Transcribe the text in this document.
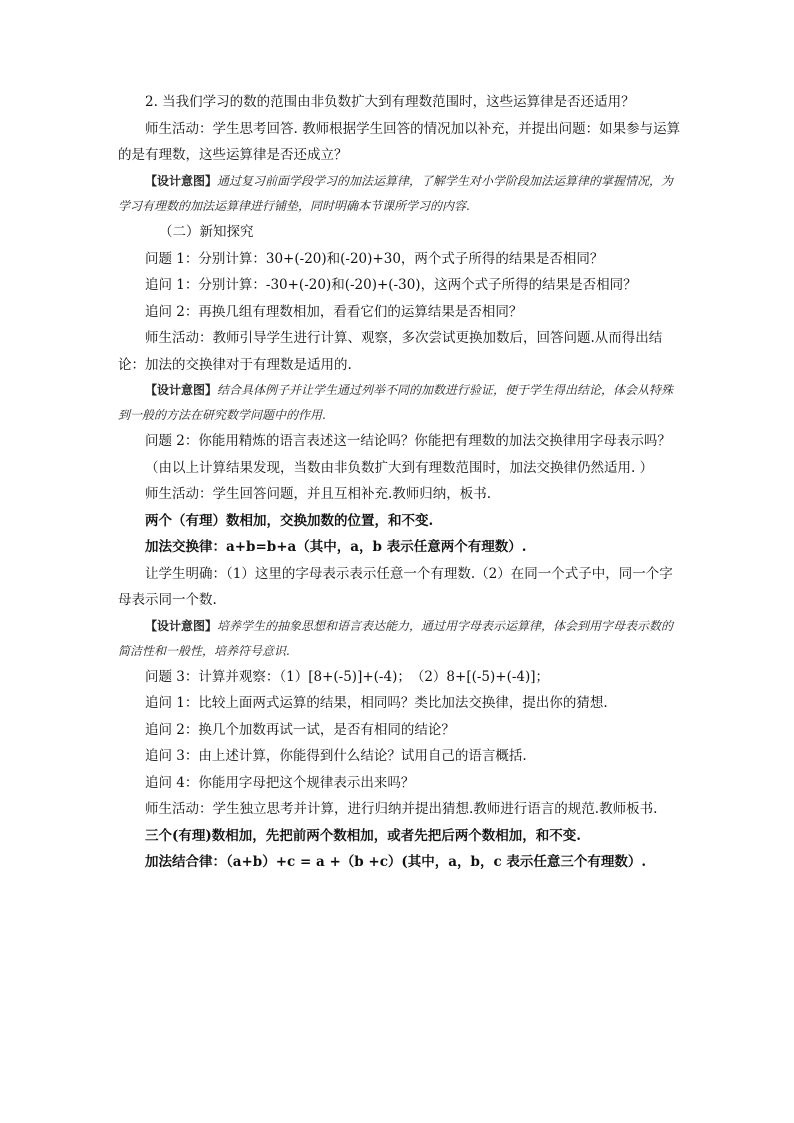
2. 当我们学习的数的范围由非负数扩大到有理数范围时，这些运算律是否还适用？

师生活动：学生思考回答. 教师根据学生回答的情况加以补充，并提出问题：如果参与运算的是有理数，这些运算律是否还成立？

【设计意图】通过复习前面学段学习的加法运算律，了解学生对小学阶段加法运算律的掌握情况，为学习有理数的加法运算律进行铺垫，同时明确本节课所学习的内容.

（二）新知探究

问题 1：分别计算：30+(-20)和(-20)+30，两个式子所得的结果是否相同？

追问 1：分别计算：-30+(-20)和(-20)+(-30)，这两个式子所得的结果是否相同？

追问 2：再换几组有理数相加，看看它们的运算结果是否相同？

师生活动：教师引导学生进行计算、观察，多次尝试更换加数后，回答问题.从而得出结论：加法的交换律对于有理数是适用的.

【设计意图】结合具体例子并让学生通过列举不同的加数进行验证，便于学生得出结论，体会从特殊到一般的方法在研究数学问题中的作用.

问题 2：你能用精炼的语言表述这一结论吗？你能把有理数的加法交换律用字母表示吗？

（由以上计算结果发现，当数由非负数扩大到有理数范围时，加法交换律仍然适用. ）

师生活动：学生回答问题，并且互相补充.教师归纳，板书.

两个（有理）数相加，交换加数的位置，和不变.

加法交换律：a+b=b+a（其中，a，b 表示任意两个有理数）.

让学生明确：（1）这里的字母表示表示任意一个有理数.（2）在同一个式子中，同一个字母表示同一个数.

【设计意图】培养学生的抽象思想和语言表达能力，通过用字母表示运算律，体会到用字母表示数的简洁性和一般性，培养符号意识.

问题 3：计算并观察：（1）[8+(-5)]+(-4)；　（2）8+[(-5)+(-4)]；

追问 1：比较上面两式运算的结果，相同吗？类比加法交换律，提出你的猜想.

追问 2：换几个加数再试一试，是否有相同的结论？

追问 3：由上述计算，你能得到什么结论？试用自己的语言概括.

追问 4：你能用字母把这个规律表示出来吗？

师生活动：学生独立思考并计算，进行归纳并提出猜想.教师进行语言的规范.教师板书.

三个(有理)数相加，先把前两个数相加，或者先把后两个数相加，和不变.

加法结合律：（a+b）+c = a +（b +c）(其中，a，b，c 表示任意三个有理数）.
